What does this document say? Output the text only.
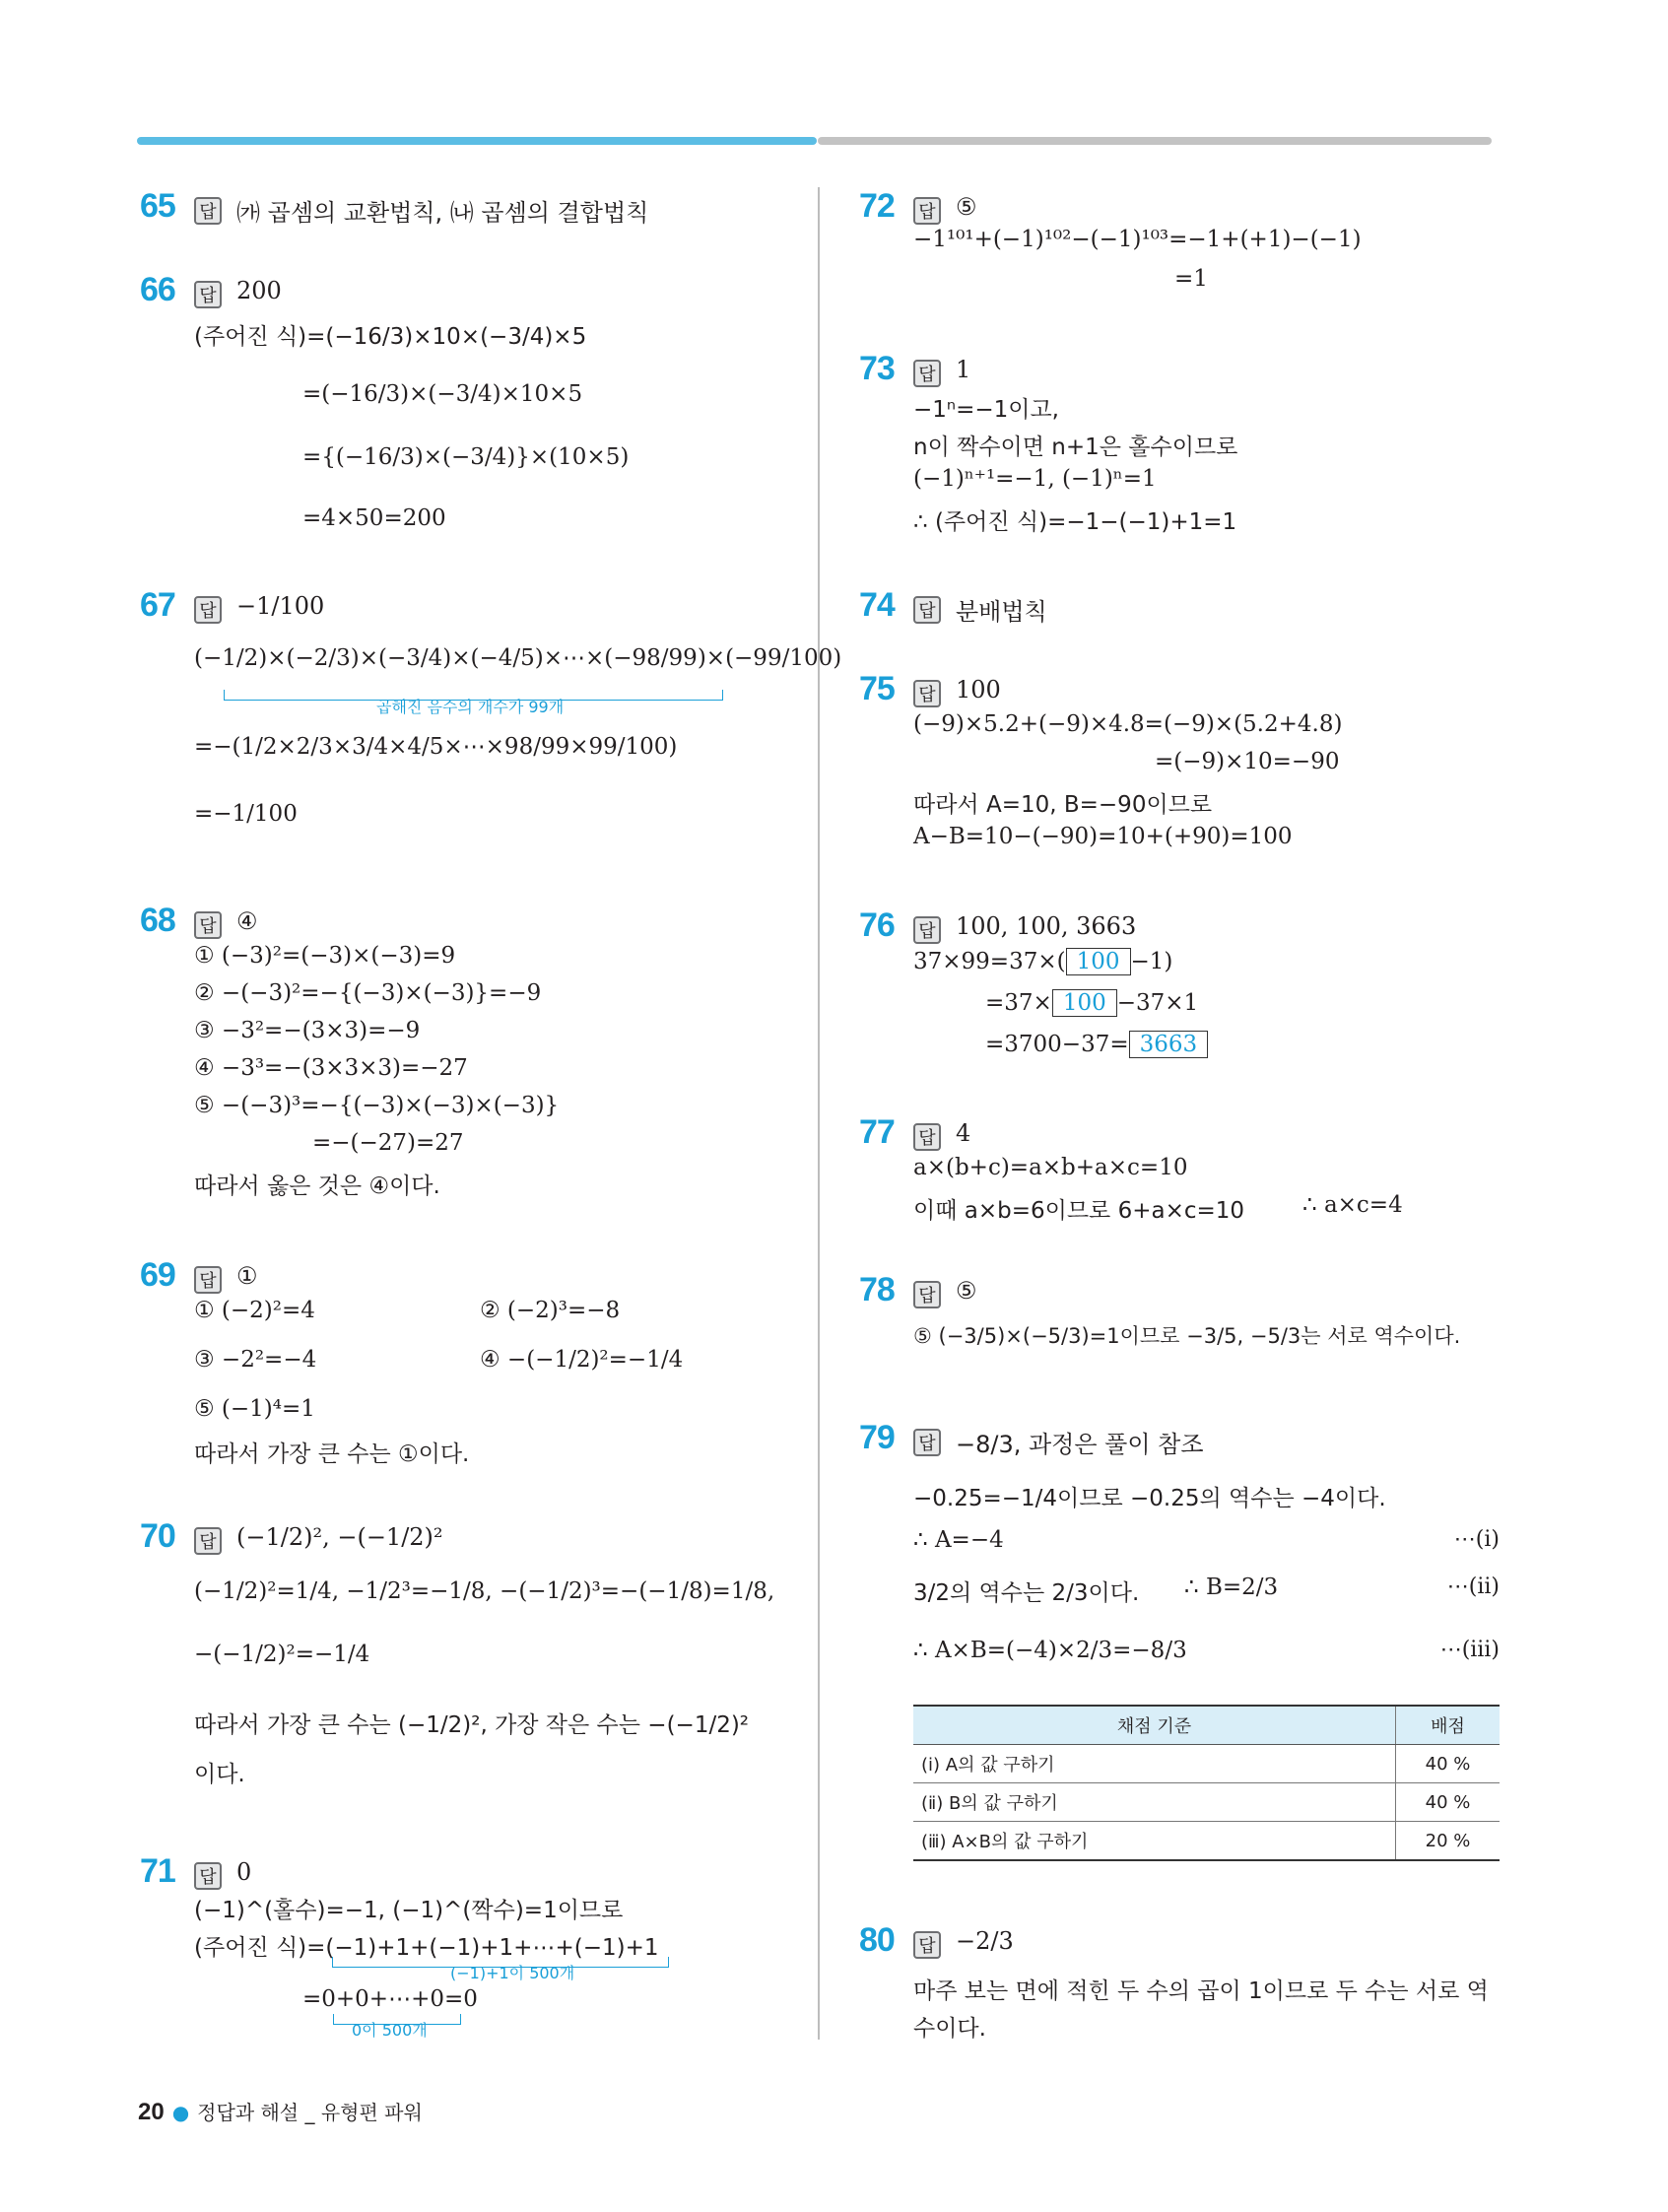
65 답 ㈎ 곱셈의 교환법칙, ㈏ 곱셈의 결합법칙
66 답 200
(주어진 식)=(−16/3)×10×(−3/4)×5
=(−16/3)×(−3/4)×10×5
={(−16/3)×(−3/4)}×(10×5)
=4×50=200
67 답 −1/100
(−1/2)×(−2/3)×(−3/4)×(−4/5)×⋯×(−98/99)×(−99/100)
곱해진 음수의 개수가 99개
=−(1/2×2/3×3/4×4/5×⋯×98/99×99/100)
=−1/100
68 답 ④
① (−3)²=(−3)×(−3)=9
② −(−3)²=−{(−3)×(−3)}=−9
③ −3²=−(3×3)=−9
④ −3³=−(3×3×3)=−27
⑤ −(−3)³=−{(−3)×(−3)×(−3)}
=−(−27)=27
따라서 옳은 것은 ④이다.
69 답 ①
① (−2)²=4	② (−2)³=−8
③ −2²=−4	④ −(−1/2)²=−1/4
⑤ (−1)⁴=1
따라서 가장 큰 수는 ①이다.
70 답 (−1/2)², −(−1/2)²
(−1/2)²=1/4, −1/2³=−1/8, −(−1/2)³=−(−1/8)=1/8,
−(−1/2)²=−1/4
따라서 가장 큰 수는 (−1/2)², 가장 작은 수는 −(−1/2)²
이다.
71 답 0
(−1)^(홀수)=−1, (−1)^(짝수)=1이므로
(주어진 식)=(−1)+1+(−1)+1+⋯+(−1)+1
(−1)+1이 500개
=0+0+⋯+0=0
0이 500개
72 답 ⑤
−1¹⁰¹+(−1)¹⁰²−(−1)¹⁰³=−1+(+1)−(−1)
=1
73 답 1
−1ⁿ=−1이고,
n이 짝수이면 n+1은 홀수이므로
(−1)ⁿ⁺¹=−1, (−1)ⁿ=1
∴ (주어진 식)=−1−(−1)+1=1
74 답 분배법칙
75 답 100
(−9)×5.2+(−9)×4.8=(−9)×(5.2+4.8)
=(−9)×10=−90
따라서 A=10, B=−90이므로
A−B=10−(−90)=10+(+90)=100
76 답 100, 100, 3663
37×99=37×( 100 −1)
=37× 100 −37×1
=3700−37= 3663
77 답 4
a×(b+c)=a×b+a×c=10
이때 a×b=6이므로 6+a×c=10	∴ a×c=4
78 답 ⑤
⑤ (−3/5)×(−5/3)=1이므로 −3/5, −5/3는 서로 역수이다.
79 답 −8/3, 과정은 풀이 참조
−0.25=−1/4이므로 −0.25의 역수는 −4이다.
∴ A=−4	⋯(ⅰ)
3/2의 역수는 2/3이다. ∴ B=2/3	⋯(ⅱ)
∴ A×B=(−4)×2/3=−8/3	⋯(ⅲ)
채점 기준	배점
(ⅰ) A의 값 구하기	40 %
(ⅱ) B의 값 구하기	40 %
(ⅲ) A×B의 값 구하기	20 %
80 답 −2/3
마주 보는 면에 적힌 두 수의 곱이 1이므로 두 수는 서로 역
수이다.
20 ● 정답과 해설 _ 유형편 파워
